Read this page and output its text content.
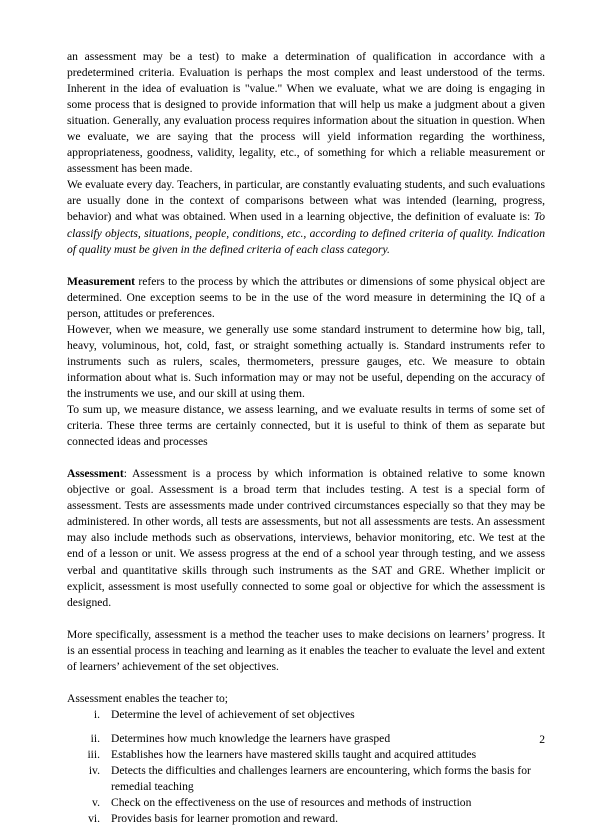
an assessment may be a test) to make a determination of qualification in accordance with a predetermined criteria. Evaluation is perhaps the most complex and least understood of the terms. Inherent in the idea of evaluation is "value." When we evaluate, what we are doing is engaging in some process that is designed to provide information that will help us make a judgment about a given situation. Generally, any evaluation process requires information about the situation in question. When we evaluate, we are saying that the process will yield information regarding the worthiness, appropriateness, goodness, validity, legality, etc., of something for which a reliable measurement or assessment has been made.

We evaluate every day. Teachers, in particular, are constantly evaluating students, and such evaluations are usually done in the context of comparisons between what was intended (learning, progress, behavior) and what was obtained. When used in a learning objective, the definition of evaluate is: To classify objects, situations, people, conditions, etc., according to defined criteria of quality. Indication of quality must be given in the defined criteria of each class category.

Measurement refers to the process by which the attributes or dimensions of some physical object are determined. One exception seems to be in the use of the word measure in determining the IQ of a person, attitudes or preferences.

However, when we measure, we generally use some standard instrument to determine how big, tall, heavy, voluminous, hot, cold, fast, or straight something actually is. Standard instruments refer to instruments such as rulers, scales, thermometers, pressure gauges, etc. We measure to obtain information about what is. Such information may or may not be useful, depending on the accuracy of the instruments we use, and our skill at using them.

To sum up, we measure distance, we assess learning, and we evaluate results in terms of some set of criteria. These three terms are certainly connected, but it is useful to think of them as separate but connected ideas and processes

Assessment: Assessment is a process by which information is obtained relative to some known objective or goal. Assessment is a broad term that includes testing. A test is a special form of assessment. Tests are assessments made under contrived circumstances especially so that they may be administered. In other words, all tests are assessments, but not all assessments are tests. An assessment may also include methods such as observations, interviews, behavior monitoring, etc. We test at the end of a lesson or unit. We assess progress at the end of a school year through testing, and we assess verbal and quantitative skills through such instruments as the SAT and GRE. Whether implicit or explicit, assessment is most usefully connected to some goal or objective for which the assessment is designed.

More specifically, assessment is a method the teacher uses to make decisions on learners’ progress. It is an essential process in teaching and learning as it enables the teacher to evaluate the level and extent of learners’ achievement of the set objectives.

Assessment enables the teacher to;

i. Determine the level of achievement of set objectives
ii. Determines how much knowledge the learners have grasped
iii. Establishes how the learners have mastered skills taught and acquired attitudes
iv. Detects the difficulties and challenges learners are encountering, which forms the basis for remedial teaching
v. Check on the effectiveness on the use of resources and methods of instruction
vi. Provides basis for learner promotion and reward.
2
